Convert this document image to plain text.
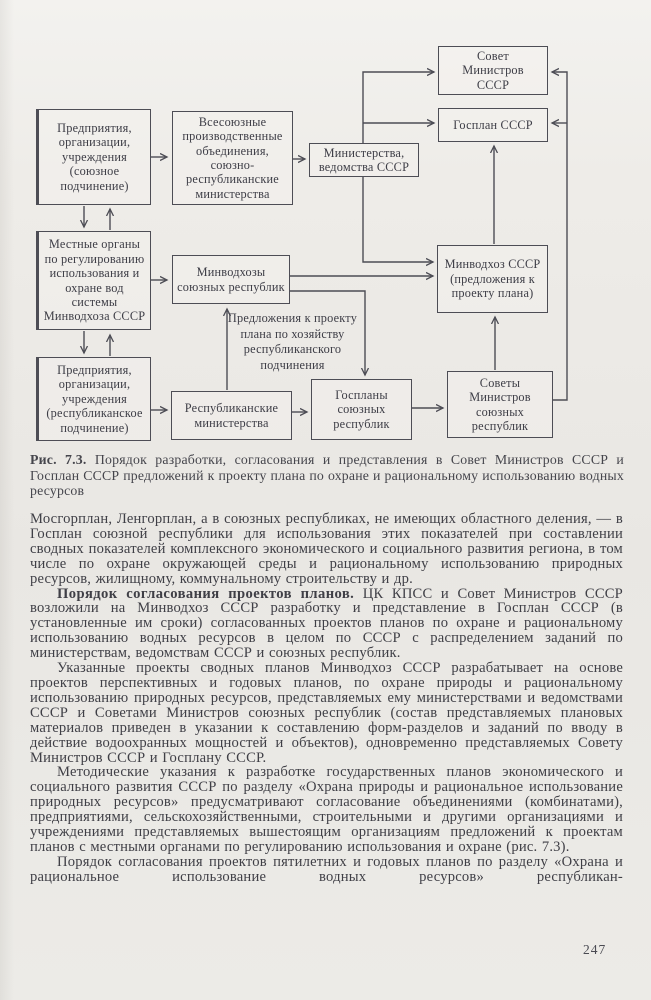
Предприятия, организации, учреждения (союзное подчинение)
Всесоюзные производственные объединения, союзно-республиканские министерства
Министерства, ведомства СССР
Совет Министров СССР
Госплан СССР
Местные органы по регулированию использования и охране вод системы Минводхоза СССР
Минводхозы союзных республик
Минводхоз СССР (предложения к проекту плана)
Предприятия, организации, учреждения (республиканское подчинение)
Республиканские министерства
Госпланы союзных республик
Советы Министров союзных республик
Предложения к проекту плана по хозяйству республиканского подчинения

Рис. 7.3. Порядок разработки, согласования и представления в Совет Министров СССР и Госплан СССР предложений к проекту плана по охране и рациональному использованию водных ресурсов

Мосгорплан, Ленгорплан, а в союзных республиках, не имеющих областного деления, — в Госплан союзной республики для использования этих показателей при составлении сводных показателей комплексного экономического и социального развития региона, в том числе по охране окружающей среды и рациональному использованию природных ресурсов, жилищному, коммунальному строительству и др.

Порядок согласования проектов планов. ЦК КПСС и Совет Министров СССР возложили на Минводхоз СССР разработку и представление в Госплан СССР (в установленные им сроки) согласованных проектов планов по охране и рациональному использованию водных ресурсов в целом по СССР с распределением заданий по министерствам, ведомствам СССР и союзных республик.

Указанные проекты сводных планов Минводхоз СССР разрабатывает на основе проектов перспективных и годовых планов, по охране природы и рациональному использованию природных ресурсов, представляемых ему министерствами и ведомствами СССР и Советами Министров союзных республик (состав представляемых плановых материалов приведен в указании к составлению форм-разделов и заданий по вводу в действие водоохранных мощностей и объектов), одновременно представляемых Совету Министров СССР и Госплану СССР.

Методические указания к разработке государственных планов экономического и социального развития СССР по разделу «Охрана природы и рациональное использование природных ресурсов» предусматривают согласование объединениями (комбинатами), предприятиями, сельскохозяйственными, строительными и другими организациями и учреждениями представляемых вышестоящим организациям предложений к проектам планов с местными органами по регулированию использования и охране (рис. 7.3).

Порядок согласования проектов пятилетних и годовых планов по разделу «Охрана и рациональное использование водных ресурсов» республикан-

247
